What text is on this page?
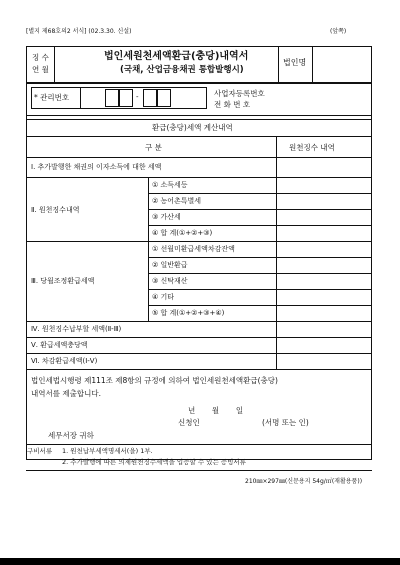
[별지 제68호의2 서식] (02.3.30. 신설)	(앞쪽)
징 수
연 월
법인세원천세액환급(충당)내역서
(국채, 산업금융채권 통합발행시)
법인명
* 관리번호	-	사업자등록번호
전 화 번 호
환급(충당)세액 계산내역
구 분	원천징수 내역
Ⅰ. 추가발행한 채권의 이자소득에 대한 세액
Ⅱ. 원천징수내역
① 소득세등
② 농어촌특별세
③ 가산세
④ 합 계(①+②+③)
Ⅲ. 당월조정환급세액
① 선월미환급세액차감잔액
② 일반환급
③ 신탁재산
④ 기타
⑤ 합 계(①+②+③+④)
Ⅳ. 원천징수납부할 세액(Ⅱ-Ⅲ)
Ⅴ. 환급세액충당액
Ⅵ. 차감환급세액(Ⅰ-Ⅴ)
법인세법시행령 제111조 제8항의 규정에 의하여 법인세원천세액환급(충당)
내역서를 제출합니다.
년       월       일
신청인	(서명 또는 인)
세무서장 귀하
구비서류 1. 원천납부세액명세서(을) 1부.
2. 추가발행에 따른 의제원천징수세액을 입증할 수 있는 증빙서류
210㎜×297㎜(신문용지 54g/㎡(재활용품))
